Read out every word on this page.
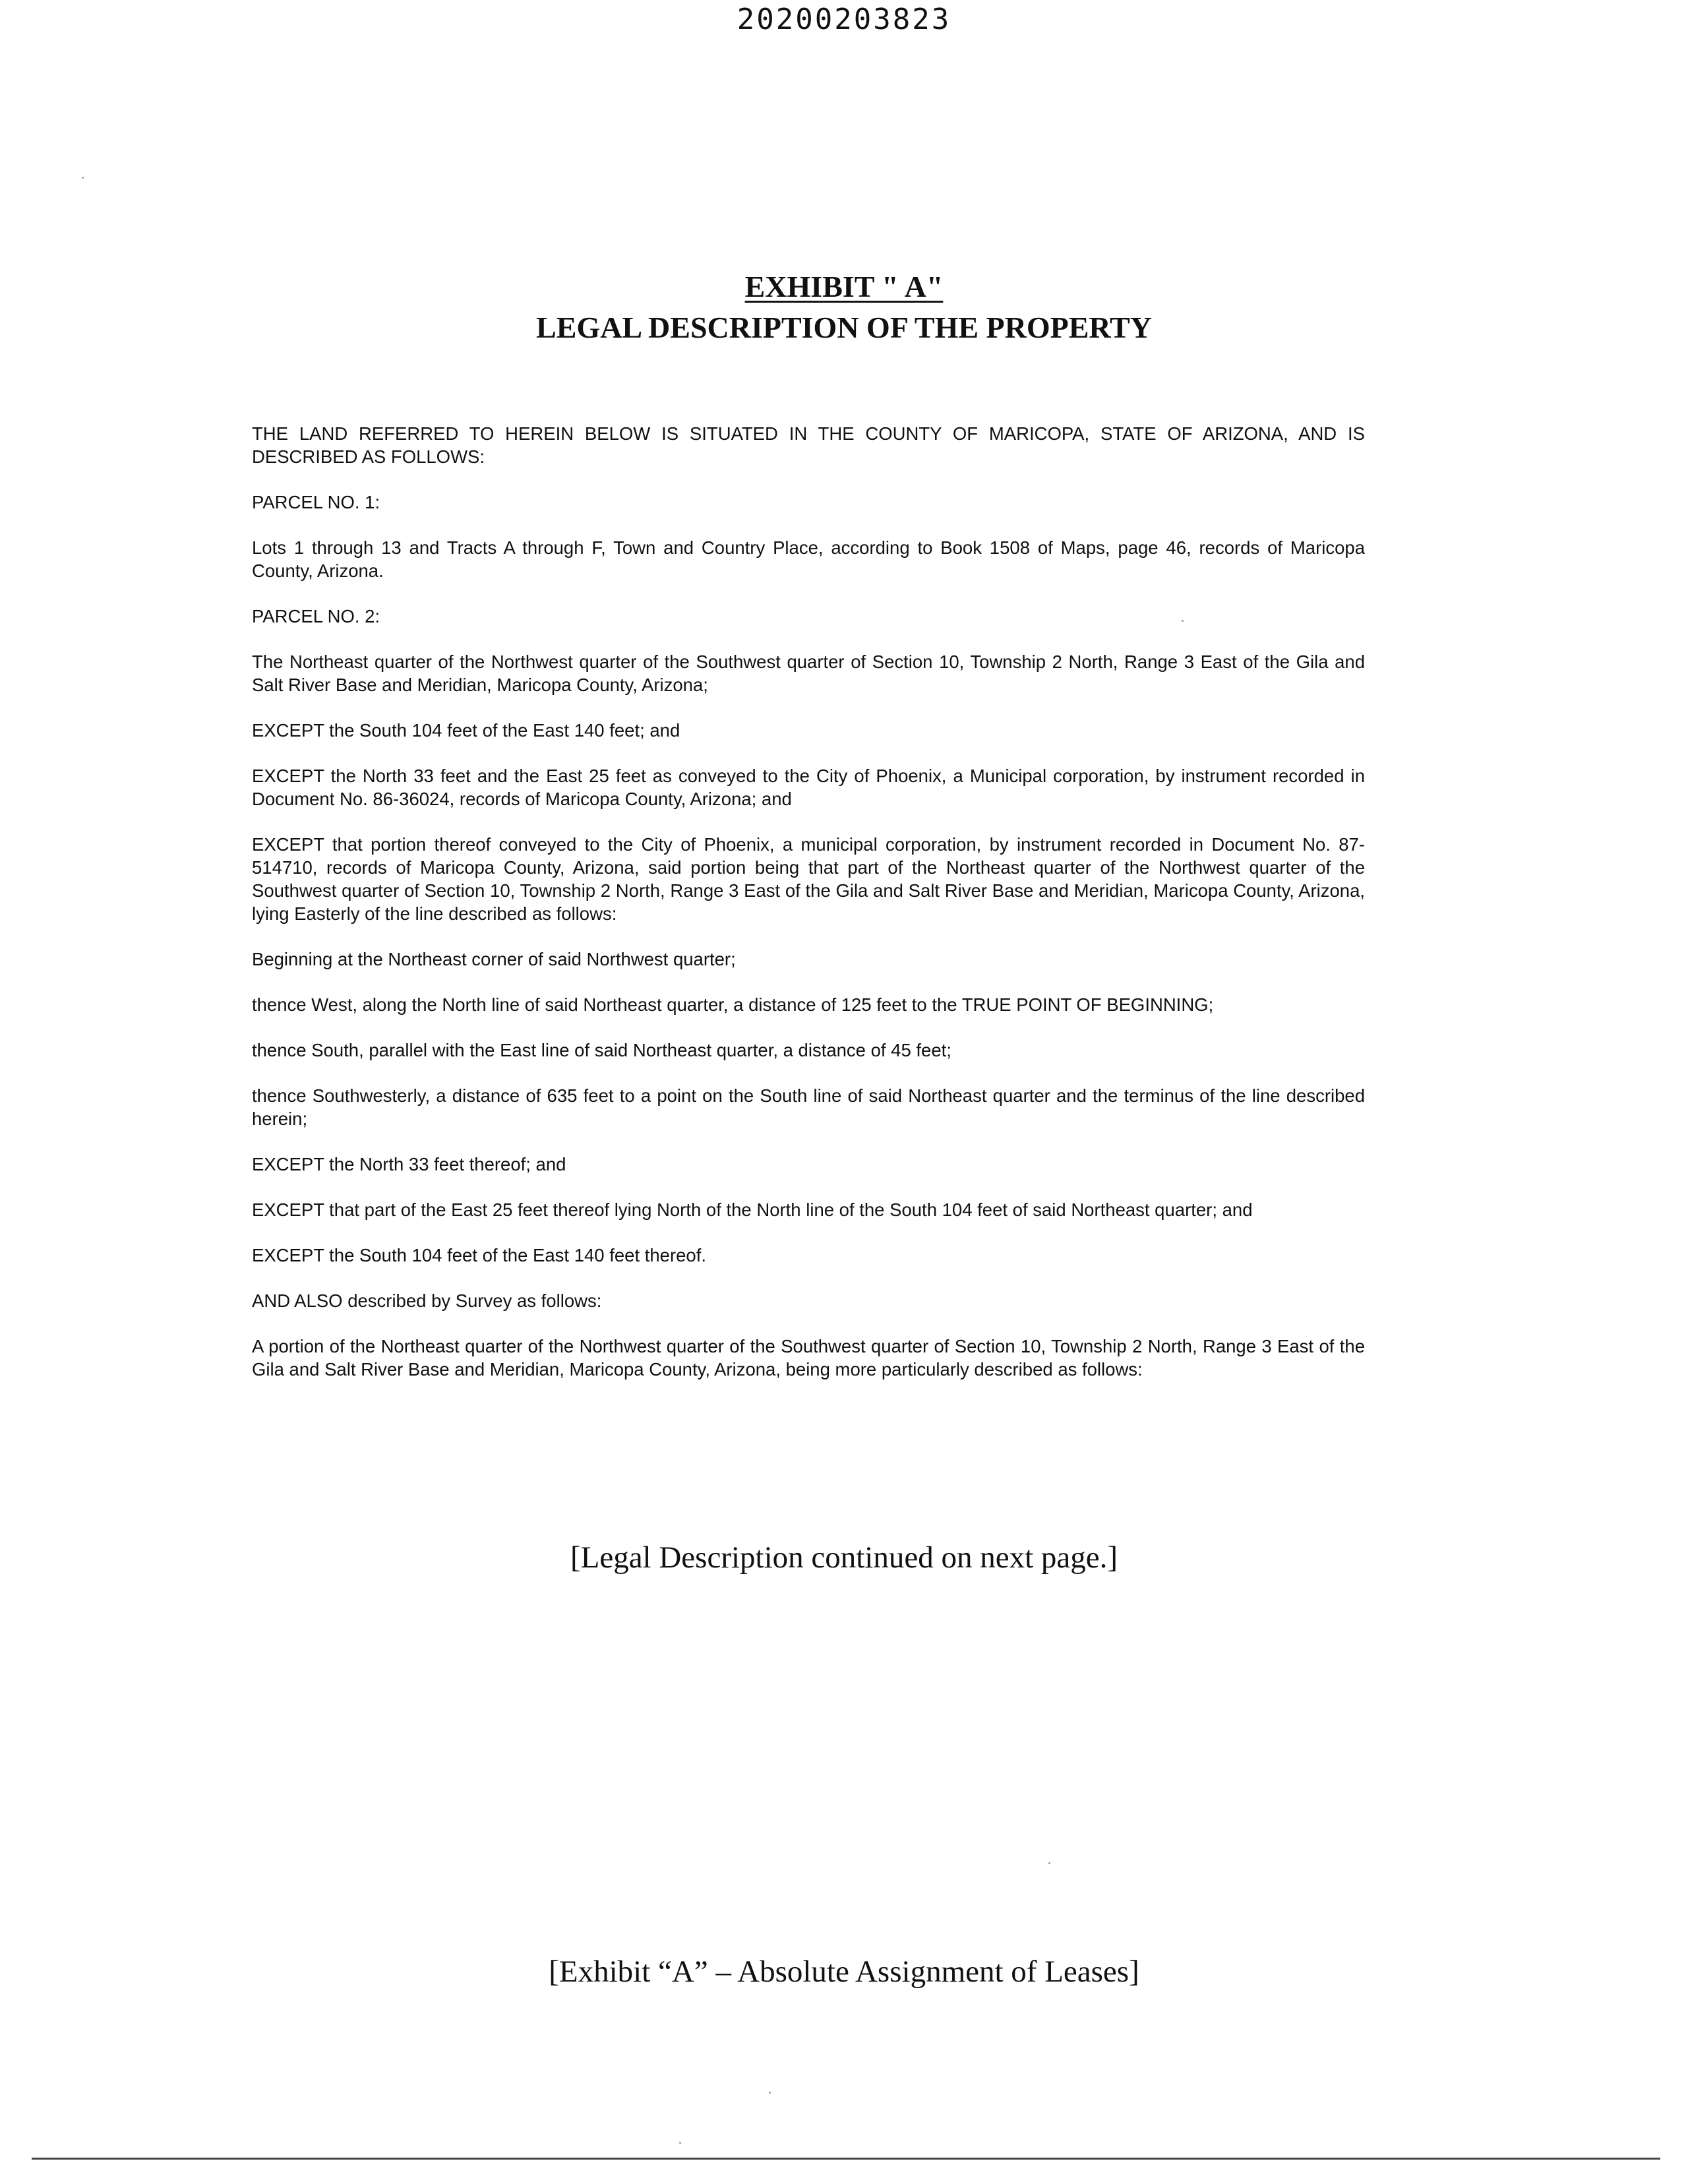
20200203823
EXHIBIT " A"
LEGAL DESCRIPTION OF THE PROPERTY

THE LAND REFERRED TO HEREIN BELOW IS SITUATED IN THE COUNTY OF MARICOPA, STATE OF ARIZONA, AND IS DESCRIBED AS FOLLOWS:

PARCEL NO. 1:

Lots 1 through 13 and Tracts A through F, Town and Country Place, according to Book 1508 of Maps, page 46, records of Maricopa County, Arizona.

PARCEL NO. 2:

The Northeast quarter of the Northwest quarter of the Southwest quarter of Section 10, Township 2 North, Range 3 East of the Gila and Salt River Base and Meridian, Maricopa County, Arizona;

EXCEPT the South 104 feet of the East 140 feet; and

EXCEPT the North 33 feet and the East 25 feet as conveyed to the City of Phoenix, a Municipal corporation, by instrument recorded in Document No. 86-36024, records of Maricopa County, Arizona; and

EXCEPT that portion thereof conveyed to the City of Phoenix, a municipal corporation, by instrument recorded in Document No. 87-514710, records of Maricopa County, Arizona, said portion being that part of the Northeast quarter of the Northwest quarter of the Southwest quarter of Section 10, Township 2 North, Range 3 East of the Gila and Salt River Base and Meridian, Maricopa County, Arizona, lying Easterly of the line described as follows:

Beginning at the Northeast corner of said Northwest quarter;

thence West, along the North line of said Northeast quarter, a distance of 125 feet to the TRUE POINT OF BEGINNING;

thence South, parallel with the East line of said Northeast quarter, a distance of 45 feet;

thence Southwesterly, a distance of 635 feet to a point on the South line of said Northeast quarter and the terminus of the line described herein;

EXCEPT the North 33 feet thereof; and

EXCEPT that part of the East 25 feet thereof lying North of the North line of the South 104 feet of said Northeast quarter; and

EXCEPT the South 104 feet of the East 140 feet thereof.

AND ALSO described by Survey as follows:

A portion of the Northeast quarter of the Northwest quarter of the Southwest quarter of Section 10, Township 2 North, Range 3 East of the Gila and Salt River Base and Meridian, Maricopa County, Arizona, being more particularly described as follows:

[Legal Description continued on next page.]
[Exhibit “A” – Absolute Assignment of Leases]
